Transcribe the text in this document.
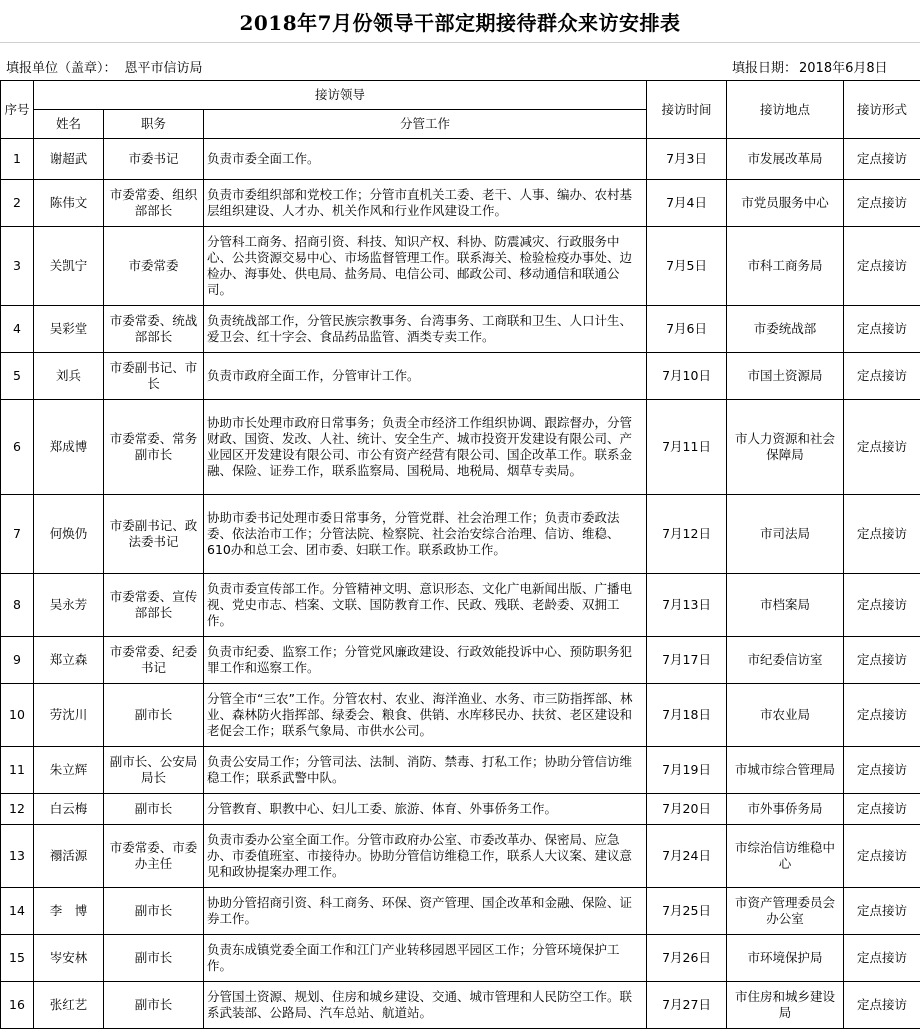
2018年7月份领导干部定期接待群众来访安排表
填报单位（盖章）： 恩平市信访局	填报日期： 2018年6月8日
序号	接访领导			接访时间	接访地点	接访形式
	姓名	职务	分管工作			
1	谢超武	市委书记	负责市委全面工作。	7月3日	市发展改革局	定点接访
2	陈伟文	市委常委、组织部部长	负责市委组织部和党校工作；分管市直机关工委、老干、人事、编办、农村基层组织建设、人才办、机关作风和行业作风建设工作。	7月4日	市党员服务中心	定点接访
3	关凯宁	市委常委	分管科工商务、招商引资、科技、知识产权、科协、防震减灾、行政服务中心、公共资源交易中心、市场监督管理工作。联系海关、检验检疫办事处、边检办、海事处、供电局、盐务局、电信公司、邮政公司、移动通信和联通公司。	7月5日	市科工商务局	定点接访
4	吴彩堂	市委常委、统战部部长	负责统战部工作，分管民族宗教事务、台湾事务、工商联和卫生、人口计生、爱卫会、红十字会、食品药品监管、酒类专卖工作。	7月6日	市委统战部	定点接访
5	刘兵	市委副书记、市长	负责市政府全面工作，分管审计工作。	7月10日	市国土资源局	定点接访
6	郑成博	市委常委、常务副市长	协助市长处理市政府日常事务；负责全市经济工作组织协调、跟踪督办，分管财政、国资、发改、人社、统计、安全生产、城市投资开发建设有限公司、产业园区开发建设有限公司、市公有资产经营有限公司、国企改革工作。联系金融、保险、证券工作，联系监察局、国税局、地税局、烟草专卖局。	7月11日	市人力资源和社会保障局	定点接访
7	何焕仍	市委副书记、政法委书记	协助市委书记处理市委日常事务，分管党群、社会治理工作；负责市委政法委、依法治市工作；分管法院、检察院、社会治安综合治理、信访、维稳、610办和总工会、团市委、妇联工作。联系政协工作。	7月12日	市司法局	定点接访
8	吴永芳	市委常委、宣传部部长	负责市委宣传部工作。分管精神文明、意识形态、文化广电新闻出版、广播电视、党史市志、档案、文联、国防教育工作、民政、残联、老龄委、双拥工作。	7月13日	市档案局	定点接访
9	郑立森	市委常委、纪委书记	负责市纪委、监察工作；分管党风廉政建设、行政效能投诉中心、预防职务犯罪工作和巡察工作。	7月17日	市纪委信访室	定点接访
10	劳沈川	副市长	分管全市“三农”工作。分管农村、农业、海洋渔业、水务、市三防指挥部、林业、森林防火指挥部、绿委会、粮食、供销、水库移民办、扶贫、老区建设和老促会工作；联系气象局、市供水公司。	7月18日	市农业局	定点接访
11	朱立辉	副市长、公安局局长	负责公安局工作；分管司法、法制、消防、禁毒、打私工作；协助分管信访维稳工作；联系武警中队。	7月19日	市城市综合管理局	定点接访
12	白云梅	副市长	分管教育、职教中心、妇儿工委、旅游、体育、外事侨务工作。	7月20日	市外事侨务局	定点接访
13	禤活源	市委常委、市委办主任	负责市委办公室全面工作。分管市政府办公室、市委改革办、保密局、应急办、市委值班室、市接待办。协助分管信访维稳工作，联系人大议案、建议意见和政协提案办理工作。	7月24日	市综治信访维稳中心	定点接访
14	李　博	副市长	协助分管招商引资、科工商务、环保、资产管理、国企改革和金融、保险、证券工作。	7月25日	市资产管理委员会办公室	定点接访
15	岑安林	副市长	负责东成镇党委全面工作和江门产业转移园恩平园区工作；分管环境保护工作。	7月26日	市环境保护局	定点接访
16	张红艺	副市长	分管国土资源、规划、住房和城乡建设、交通、城市管理和人民防空工作。联系武装部、公路局、汽车总站、航道站。	7月27日	市住房和城乡建设局	定点接访
